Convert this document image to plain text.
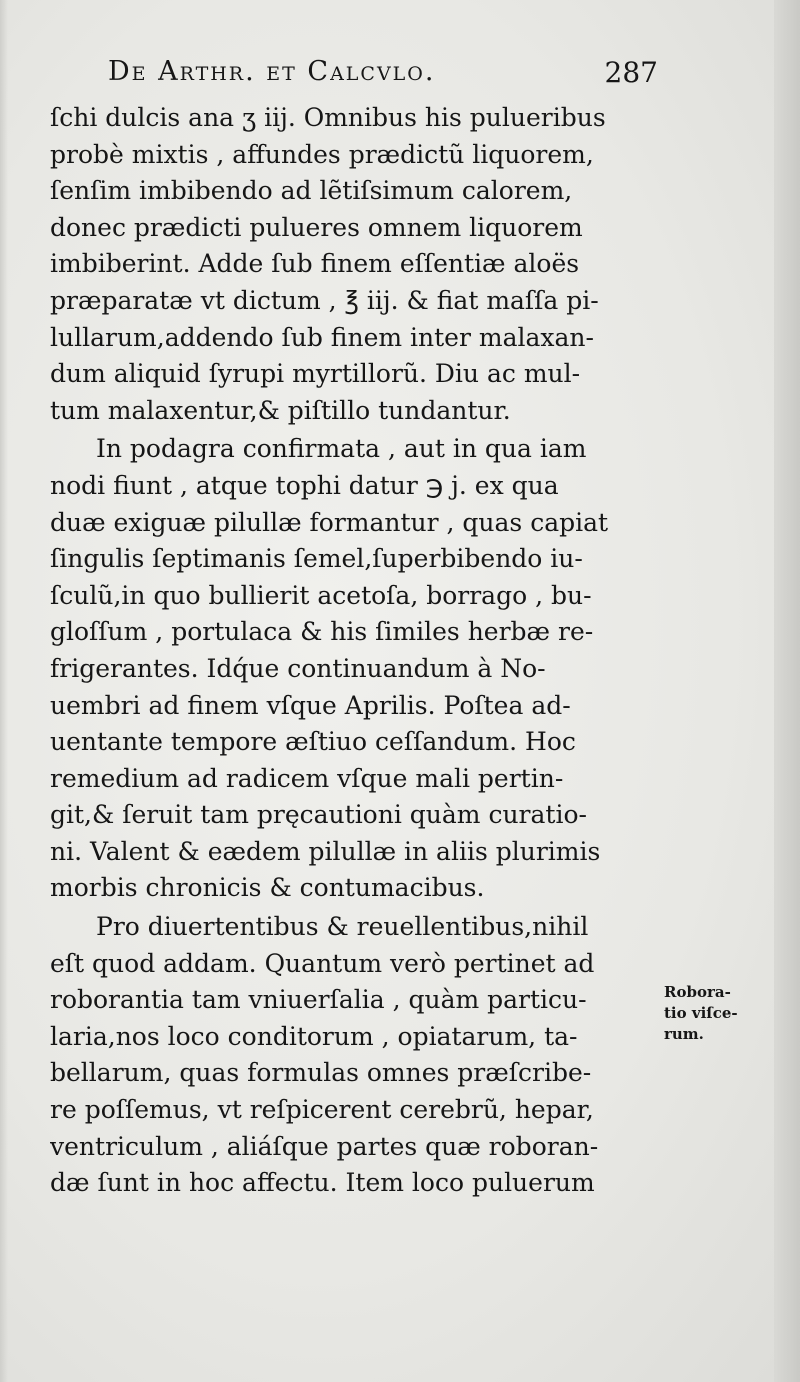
De Arthr. et Calcvlo.	287
ſchi dulcis ana ʒ iij. Omnibus his pulueribus
probè mixtis , affundes prædictũ liquorem,
ſenſim imbibendo ad lẽtiſsimum calorem,
donec prædicti pulueres omnem liquorem
imbiberint. Adde ſub finem eſſentiæ aloës
præparatæ vt dictum , ℥ iij. & fiat maſſa pi-
lullarum,addendo ſub finem inter malaxan-
dum aliquid ſyrupi myrtillorũ. Diu ac mul-
tum malaxentur,& piſtillo tundantur.
In podagra confirmata , aut in qua iam
nodi fiunt , atque tophi datur ℈ j. ex qua
duæ exiguæ pilullæ formantur , quas capiat
ſingulis ſeptimanis ſemel,ſuperbibendo iu-
ſculũ,in quo bullierit acetoſa, borrago , bu-
gloſſum , portulaca & his ſimiles herbæ re-
frigerantes. Idq́ue continuandum à No-
uembri ad finem vſque Aprilis. Poſtea ad-
uentante tempore æſtiuo ceſſandum. Hoc
remedium ad radicem vſque mali pertin-
git,& ſeruit tam pręcautioni quàm curatio-
ni. Valent & eædem pilullæ in aliis plurimis
morbis chronicis & contumacibus.
Pro diuertentibus & reuellentibus,nihil
eſt quod addam. Quantum verò pertinet ad
roborantia tam vniuerſalia , quàm particu-
laria,nos loco conditorum , opiatarum, ta-
bellarum, quas formulas omnes præſcribe-
re poſſemus, vt reſpicerent cerebrũ, hepar,
ventriculum , aliáſque partes quæ roboran-
dæ ſunt in hoc affectu. Item loco puluerum
Robora-
tio viſce-
rum.
